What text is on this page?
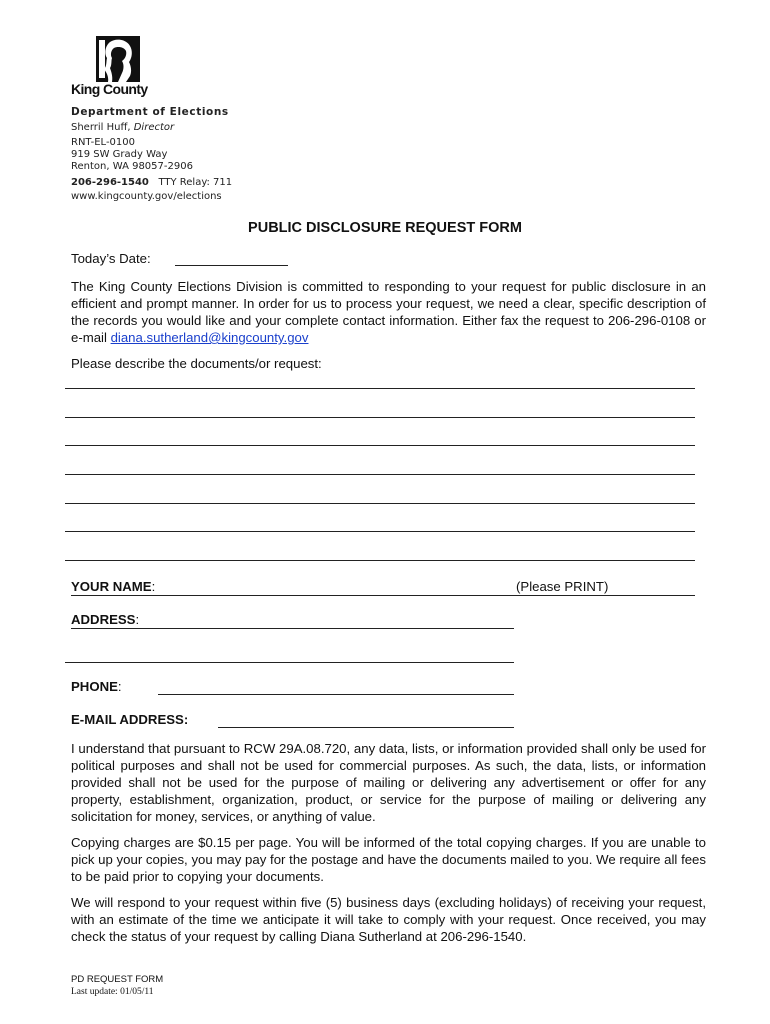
King County
Department of Elections
Sherril Huff, Director
RNT-EL-0100
919 SW Grady Way
Renton, WA 98057-2906
206-296-1540 TTY Relay: 711
www.kingcounty.gov/elections
PUBLIC DISCLOSURE REQUEST FORM
Today’s Date:
The King County Elections Division is committed to responding to your request for public disclosure in an efficient and prompt manner. In order for us to process your request, we need a clear, specific description of the records you would like and your complete contact information. Either fax the request to 206-296-0108 or e-mail diana.sutherland@kingcounty.gov
Please describe the documents/or request:
YOUR NAME:	(Please PRINT)
ADDRESS:
PHONE:
E-MAIL ADDRESS:
I understand that pursuant to RCW 29A.08.720, any data, lists, or information provided shall only be used for political purposes and shall not be used for commercial purposes. As such, the data, lists, or information provided shall not be used for the purpose of mailing or delivering any advertisement or offer for any property, establishment, organization, product, or service for the purpose of mailing or delivering any solicitation for money, services, or anything of value.
Copying charges are $0.15 per page. You will be informed of the total copying charges. If you are unable to pick up your copies, you may pay for the postage and have the documents mailed to you. We require all fees to be paid prior to copying your documents.
We will respond to your request within five (5) business days (excluding holidays) of receiving your request, with an estimate of the time we anticipate it will take to comply with your request. Once received, you may check the status of your request by calling Diana Sutherland at 206-296-1540.
PD REQUEST FORM
Last update: 01/05/11
